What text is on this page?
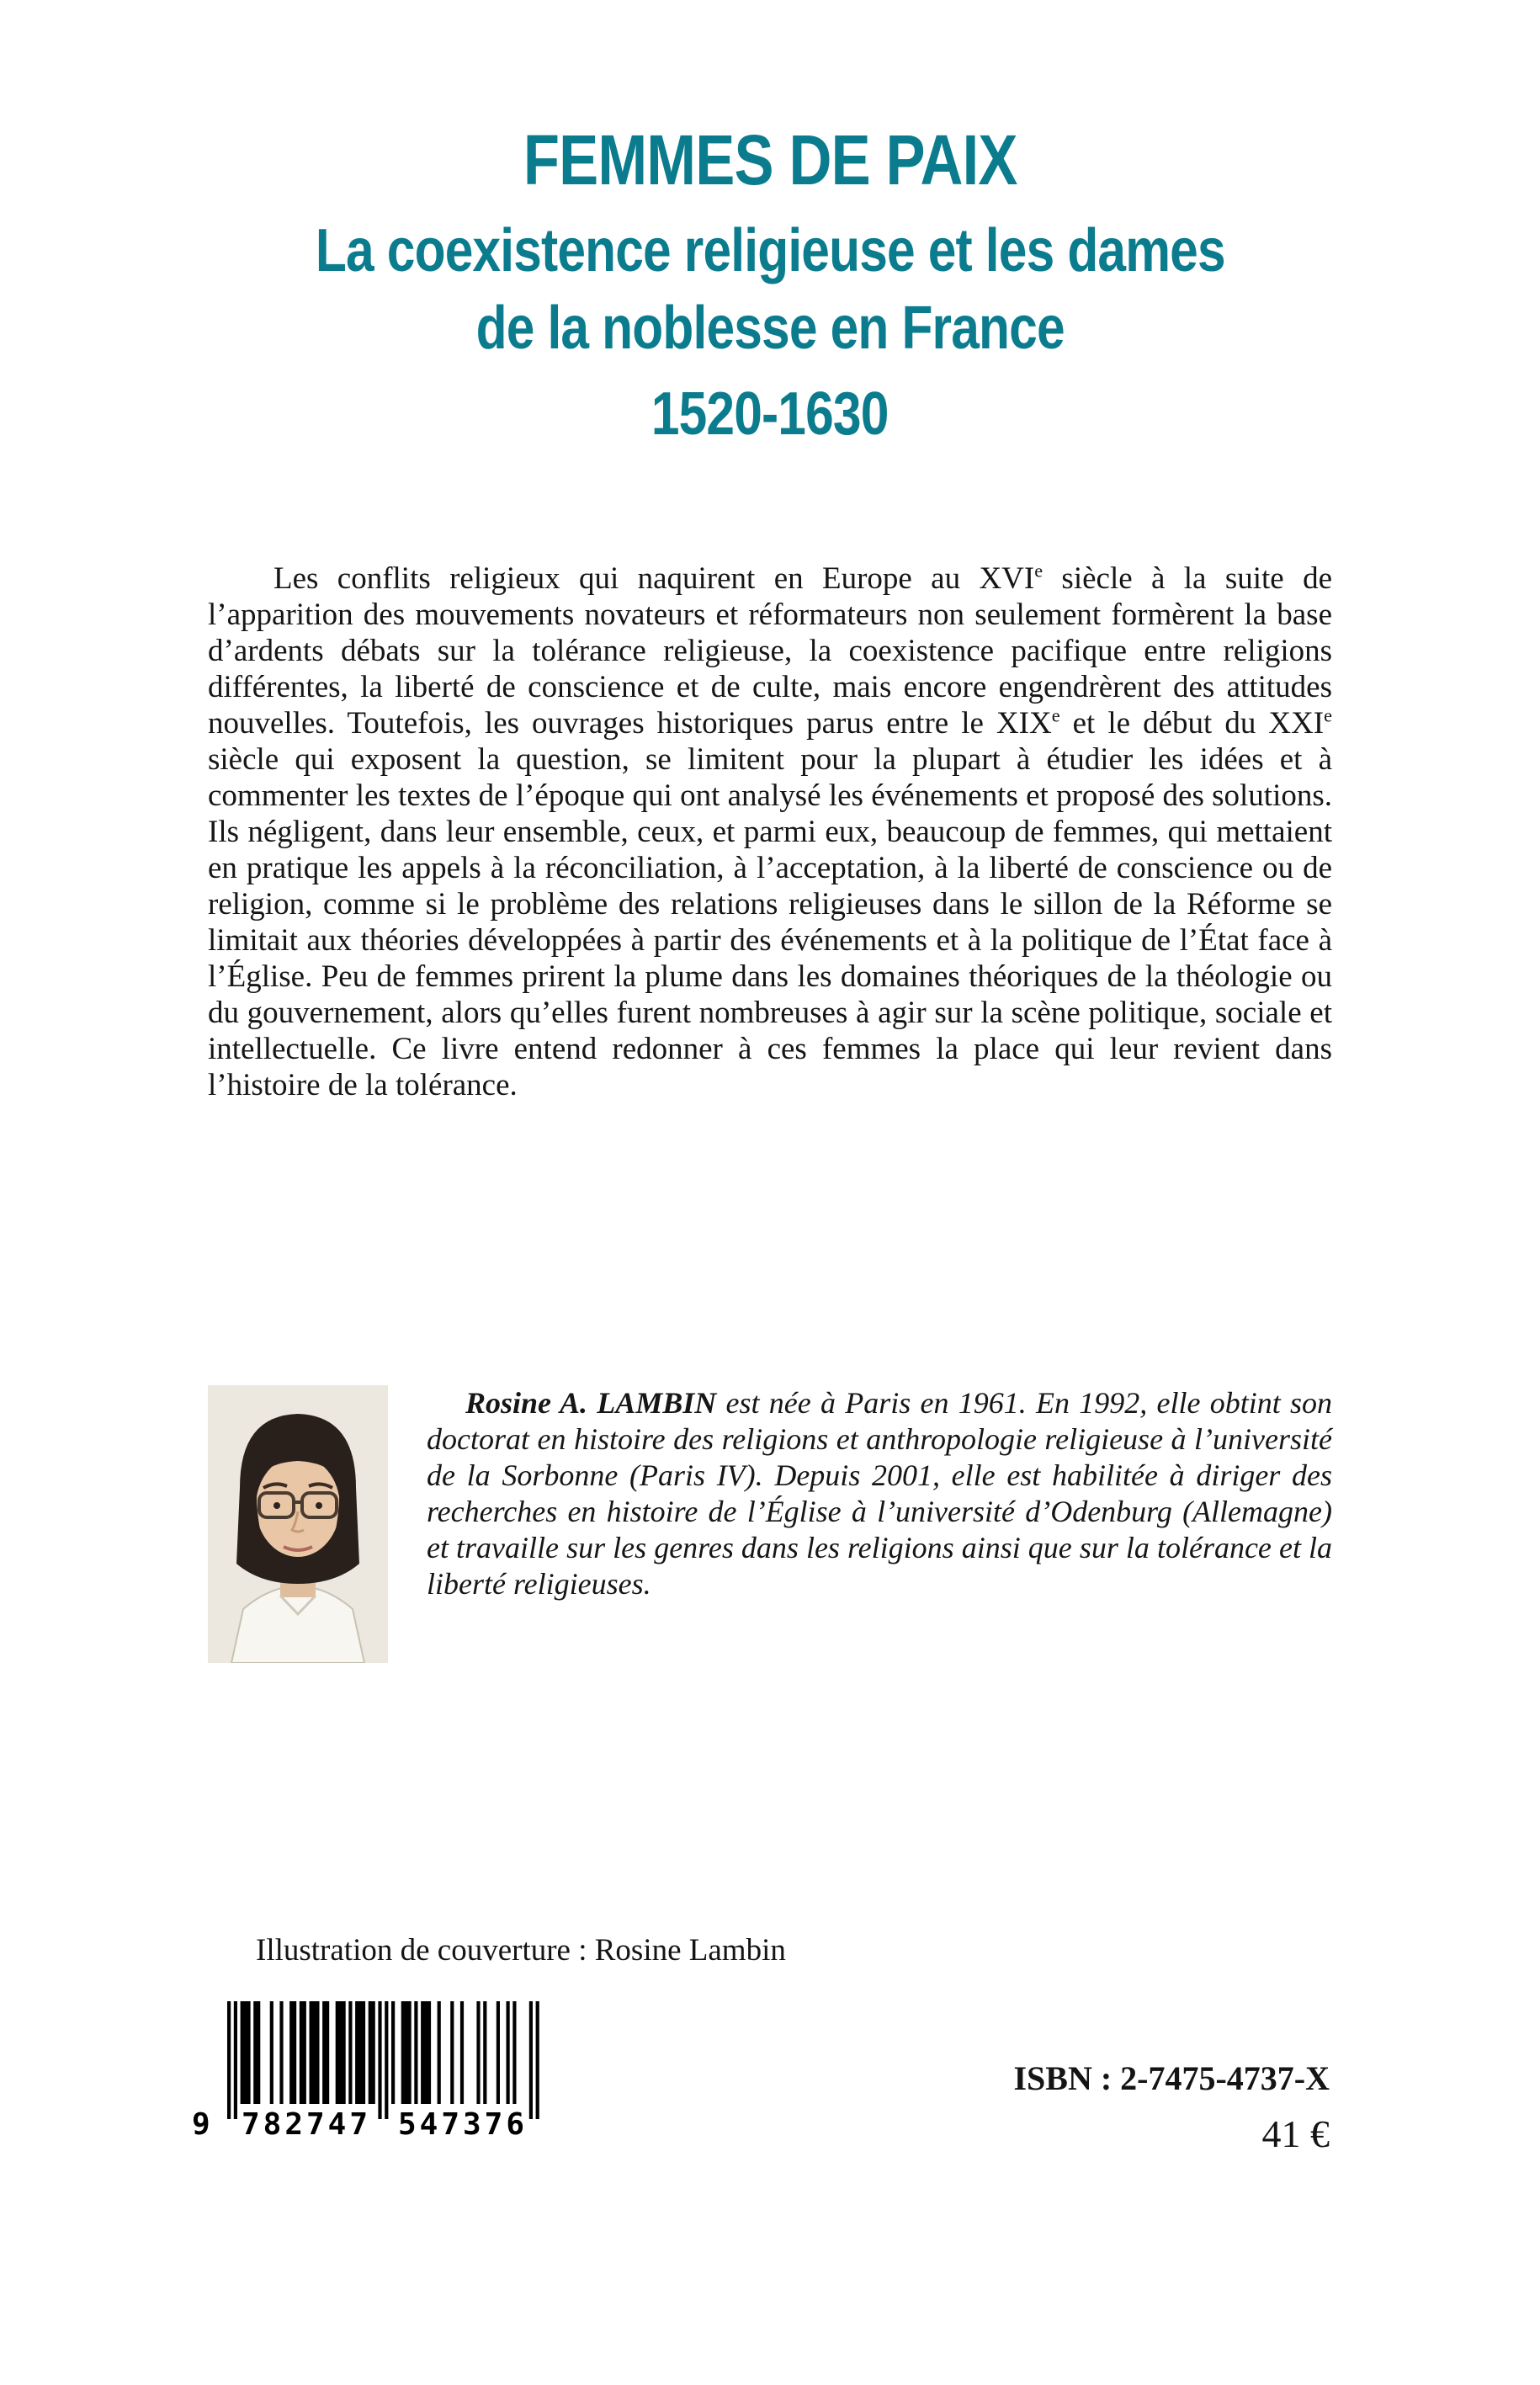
FEMMES DE PAIX
La coexistence religieuse et les dames
de la noblesse en France
1520-1630

Les conflits religieux qui naquirent en Europe au XVIe siècle à la suite de l’apparition des mouvements novateurs et réformateurs non seulement formèrent la base d’ardents débats sur la tolérance religieuse, la coexistence pacifique entre religions différentes, la liberté de conscience et de culte, mais encore engendrèrent des attitudes nouvelles. Toutefois, les ouvrages historiques parus entre le XIXe et le début du XXIe siècle qui exposent la question, se limitent pour la plupart à étudier les idées et à commenter les textes de l’époque qui ont analysé les événements et proposé des solutions. Ils négligent, dans leur ensemble, ceux, et parmi eux, beaucoup de femmes, qui mettaient en pratique les appels à la réconciliation, à l’acceptation, à la liberté de conscience ou de religion, comme si le problème des relations religieuses dans le sillon de la Réforme se limitait aux théories développées à partir des événements et à la politique de l’État face à l’Église. Peu de femmes prirent la plume dans les domaines théoriques de la théologie ou du gouvernement, alors qu’elles furent nombreuses à agir sur la scène politique, sociale et intellectuelle. Ce livre entend redonner à ces femmes la place qui leur revient dans l’histoire de la tolérance.

Rosine A. LAMBIN est née à Paris en 1961. En 1992, elle obtint son doctorat en histoire des religions et anthropologie religieuse à l’université de la Sorbonne (Paris IV). Depuis 2001, elle est habilitée à diriger des recherches en histoire de l’Église à l’université d’Odenburg (Allemagne) et travaille sur les genres dans les religions ainsi que sur la tolérance et la liberté religieuses.

Illustration de couverture : Rosine Lambin
9 782747 547376
ISBN : 2-7475-4737-X
41 €
